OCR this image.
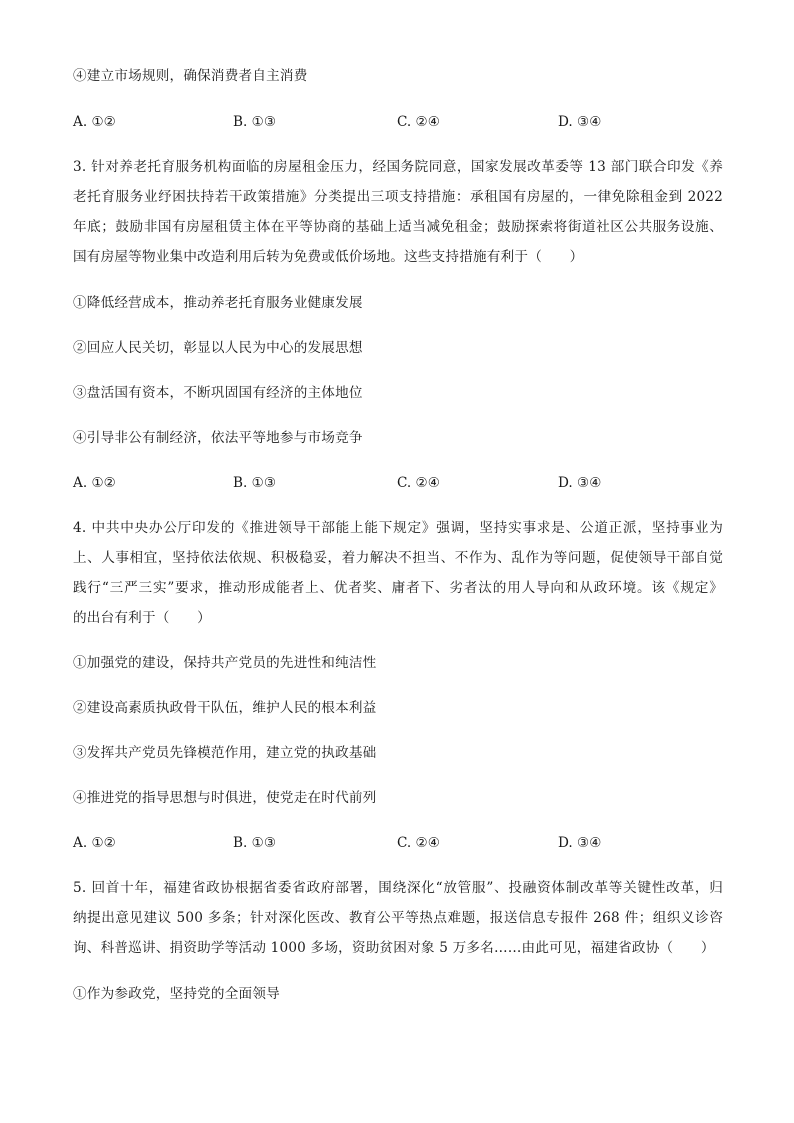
④建立市场规则，确保消费者自主消费
A. ①②	B. ①③	C. ②④	D. ③④
3. 针对养老托育服务机构面临的房屋租金压力，经国务院同意，国家发展改革委等 13 部门联合印发《养
老托育服务业纾困扶持若干政策措施》分类提出三项支持措施：承租国有房屋的，一律免除租金到 2022
年底；鼓励非国有房屋租赁主体在平等协商的基础上适当减免租金；鼓励探索将街道社区公共服务设施、
国有房屋等物业集中改造利用后转为免费或低价场地。这些支持措施有利于（　　）
①降低经营成本，推动养老托育服务业健康发展
②回应人民关切，彰显以人民为中心的发展思想
③盘活国有资本，不断巩固国有经济的主体地位
④引导非公有制经济，依法平等地参与市场竞争
A. ①②	B. ①③	C. ②④	D. ③④
4. 中共中央办公厅印发的《推进领导干部能上能下规定》强调，坚持实事求是、公道正派，坚持事业为
上、人事相宜，坚持依法依规、积极稳妥，着力解决不担当、不作为、乱作为等问题，促使领导干部自觉
践行“三严三实”要求，推动形成能者上、优者奖、庸者下、劣者汰的用人导向和从政环境。该《规定》
的出台有利于（　　）
①加强党的建设，保持共产党员的先进性和纯洁性
②建设高素质执政骨干队伍，维护人民的根本利益
③发挥共产党员先锋模范作用，建立党的执政基础
④推进党的指导思想与时俱进，使党走在时代前列
A. ①②	B. ①③	C. ②④	D. ③④
5. 回首十年，福建省政协根据省委省政府部署，围绕深化“放管服”、投融资体制改革等关键性改革，归
纳提出意见建议 500 多条；针对深化医改、教育公平等热点难题，报送信息专报件 268 件；组织义诊咨
询、科普巡讲、捐资助学等活动 1000 多场，资助贫困对象 5 万多名……由此可见，福建省政协（　　）
①作为参政党，坚持党的全面领导
